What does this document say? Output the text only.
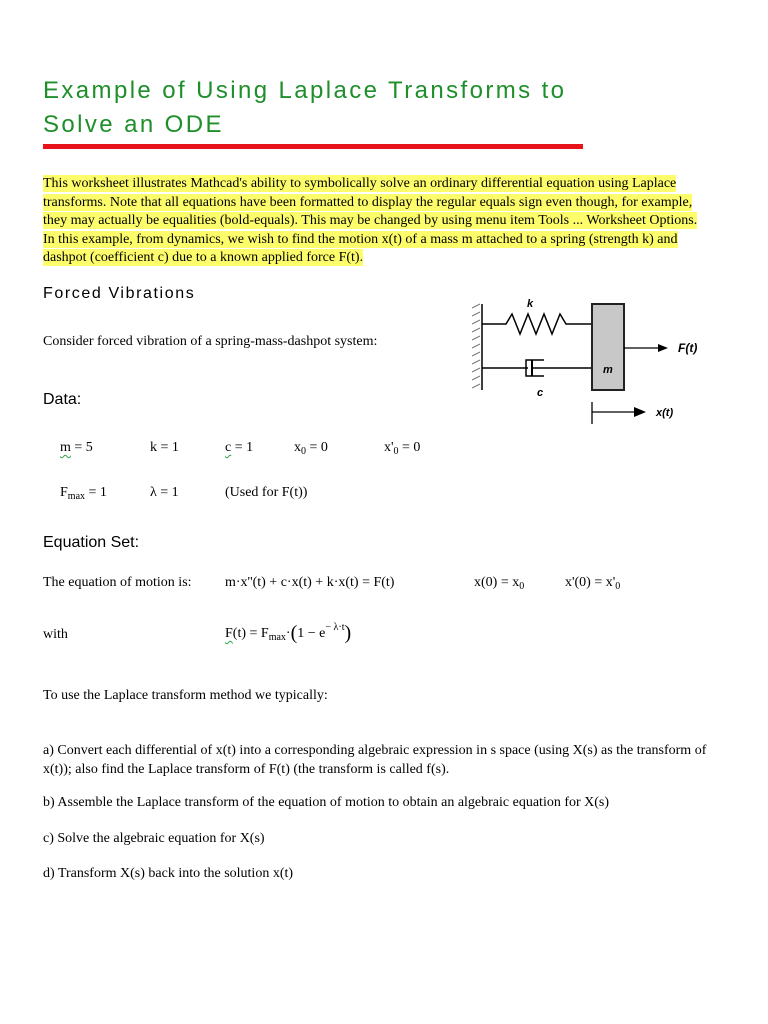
Example of Using Laplace Transforms to
Solve an ODE
This worksheet illustrates Mathcad's ability to symbolically solve an ordinary differential equation using Laplace transforms. Note that all equations have been formatted to display the regular equals sign even though, for example, they may actually be equalities (bold-equals). This may be changed by using menu item Tools ... Worksheet Options. In this example, from dynamics, we wish to find the motion x(t) of a mass m attached to a spring (strength k) and dashpot (coefficient c) due to a known applied force F(t).
Forced Vibrations
Consider forced vibration of a spring-mass-dashpot system:
k
c
m
F(t)
x(t)
Data:
m = 5	k = 1	c = 1	$x_0 = 0$	$x'_0 = 0$
$F_{max} = 1$	λ = 1	(Used for F(t))
Equation Set:
The equation of motion is: m·x''(t) + c·x(t) + k·x(t) = F(t)	$x(0) = x_0$	$x'(0) = x'_0$
with	$F(t) = F_{max}\cdot(1 - e^{- \lambda\cdot t})$
To use the Laplace transform method we typically:
a) Convert each differential of x(t) into a corresponding algebraic expression in s space (using X(s) as the transform of x(t)); also find the Laplace transform of F(t) (the transform is called f(s).
b) Assemble the Laplace transform of the equation of motion to obtain an algebraic equation for X(s)
c) Solve the algebraic equation for X(s)
d) Transform X(s) back into the solution x(t)
